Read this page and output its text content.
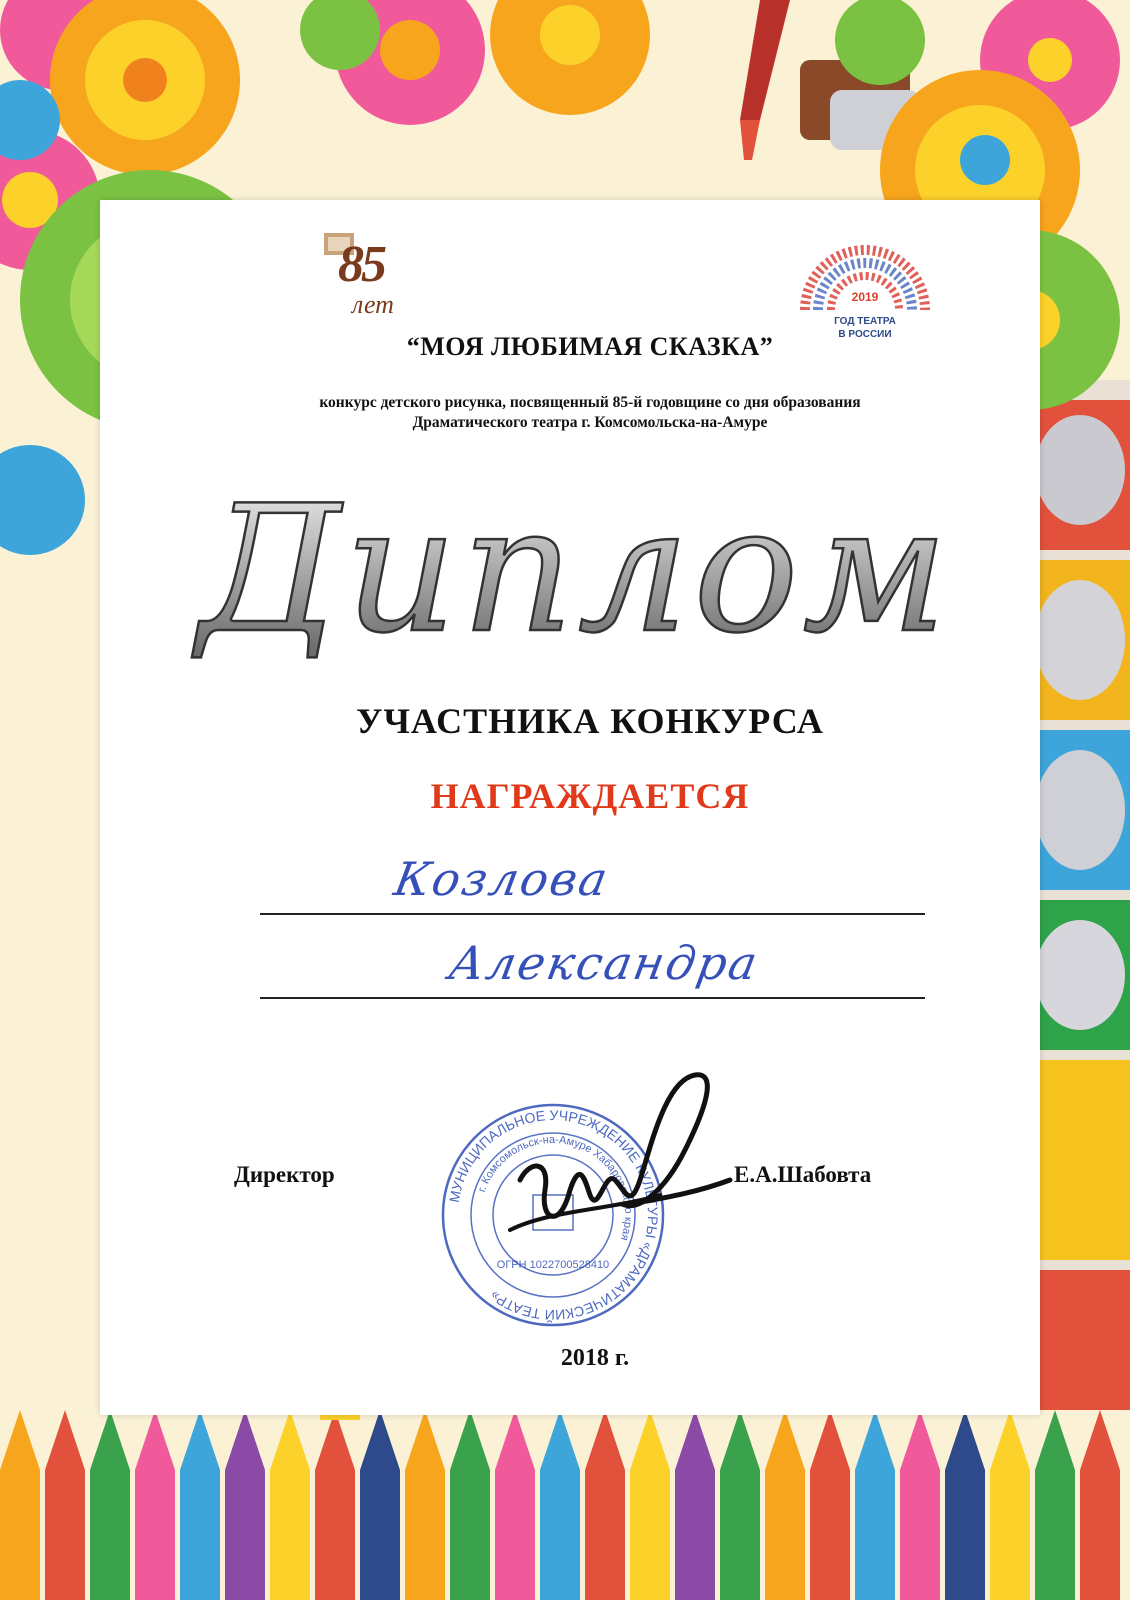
85
лет	2019
ГОД ТЕАТРА
В РОССИИ
“МОЯ ЛЮБИМАЯ СКАЗКА”
конкурс детского рисунка, посвященный 85-й годовщине со дня образования
Драматического театра г. Комсомольска-на-Амуре
Диплом
УЧАСТНИКА КОНКУРСА
НАГРАЖДАЕТСЯ
Козлова
Александра
Директор	Е.А.Шабовта
МУНИЦИПАЛЬНОЕ УЧРЕЖДЕНИЕ КУЛЬТУРЫ «ДРАМАТИЧЕСКИЙ ТЕАТР»
г. Комсомольск-на-Амуре Хабаровского края
ОГРН 1022700528410
2018 г.
